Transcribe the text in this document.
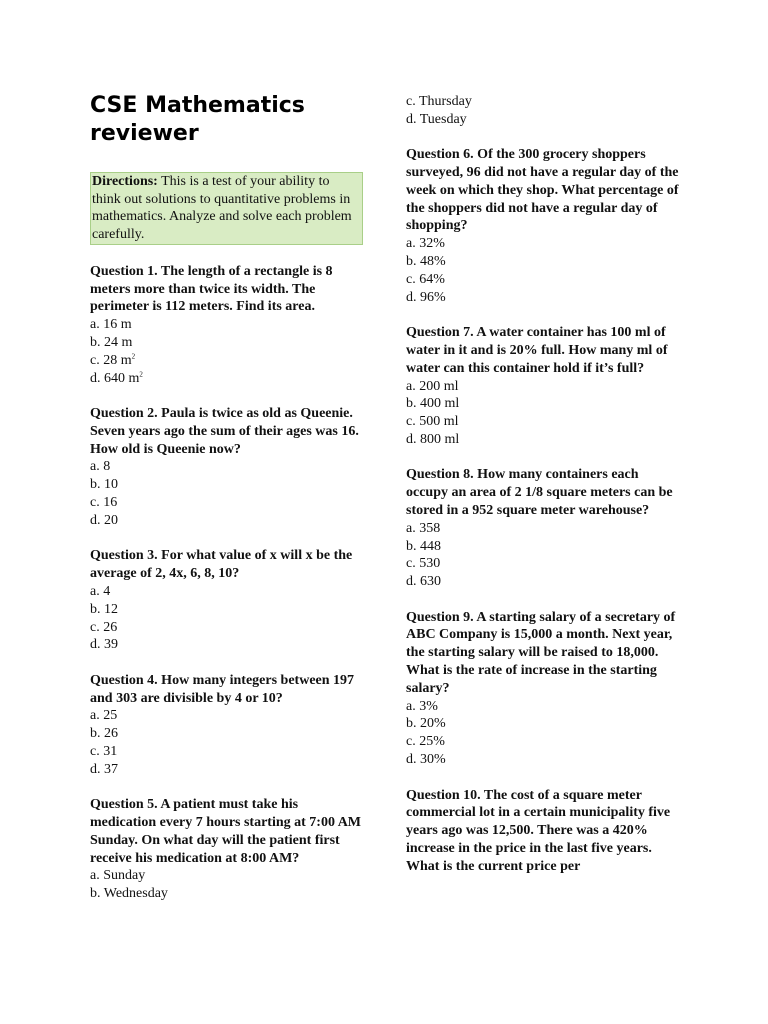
CSE Mathematics reviewer
Directions: This is a test of your ability to think out solutions to quantitative problems in mathematics. Analyze and solve each problem carefully.

Question 1. The length of a rectangle is 8 meters more than twice its width. The perimeter is 112 meters. Find its area.

a. 16 m

b. 24 m

c. 28 $m^2$

d. 640 $m^2$

Question 2. Paula is twice as old as Queenie. Seven years ago the sum of their ages was 16. How old is Queenie now?

a. 8

b. 10

c. 16

d. 20

Question 3. For what value of x will x be the average of 2, 4x, 6, 8, 10?

a. 4

b. 12

c. 26

d. 39

Question 4. How many integers between 197 and 303 are divisible by 4 or 10?

a. 25

b. 26

c. 31

d. 37

Question 5. A patient must take his medication every 7 hours starting at 7:00 AM Sunday. On what day will the patient first receive his medication at 8:00 AM?

a. Sunday

b. Wednesday

c. Thursday

d. Tuesday

Question 6. Of the 300 grocery shoppers surveyed, 96 did not have a regular day of the week on which they shop. What percentage of the shoppers did not have a regular day of shopping?

a. 32%

b. 48%

c. 64%

d. 96%

Question 7. A water container has 100 ml of water in it and is 20% full. How many ml of water can this container hold if it’s full?

a. 200 ml

b. 400 ml

c. 500 ml

d. 800 ml

Question 8. How many containers each occupy an area of 2 1/8 square meters can be stored in a 952 square meter warehouse?

a. 358

b. 448

c. 530

d. 630

Question 9. A starting salary of a secretary of ABC Company is 15,000 a month. Next year, the starting salary will be raised to 18,000. What is the rate of increase in the starting salary?

a. 3%

b. 20%

c. 25%

d. 30%

Question 10. The cost of a square meter commercial lot in a certain municipality five years ago was 12,500. There was a 420% increase in the price in the last five years. What is the current price per
